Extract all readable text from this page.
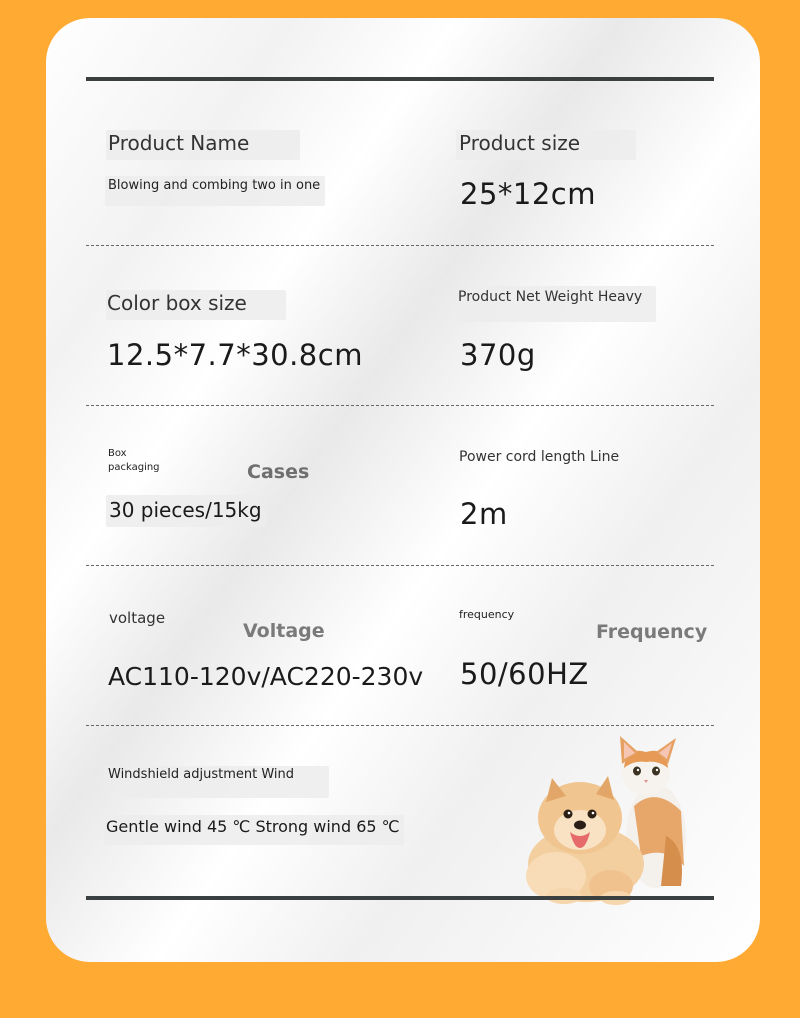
Product Name
Blowing and combing two in one
Product size
25*12cm
Color box size
12.5*7.7*30.8cm
Product Net Weight Heavy
370g
Box
packaging	Cases
30 pieces/15kg
Power cord length Line
2m
voltage
Voltage
AC110-120v/AC220-230v
frequency
Frequency
50/60HZ
Windshield adjustment Wind
Gentle wind 45 ℃ Strong wind 65 ℃
